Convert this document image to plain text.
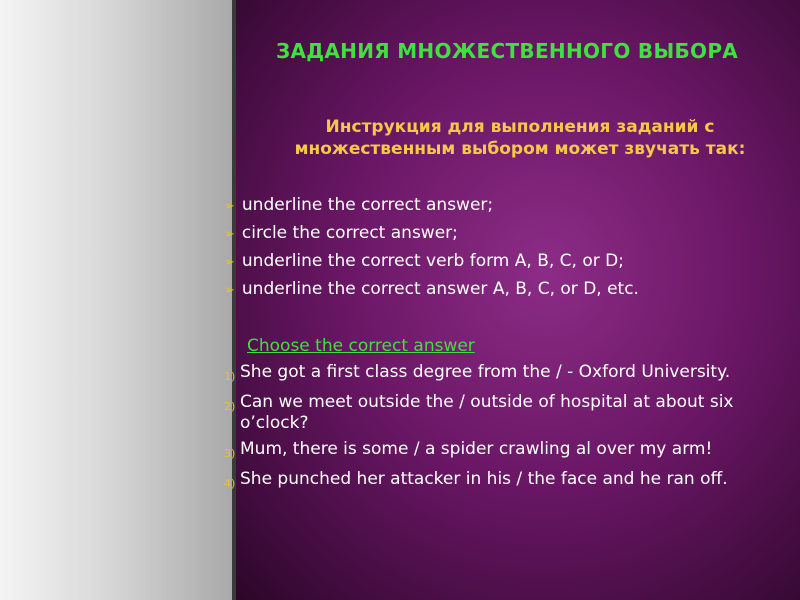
ЗАДАНИЯ МНОЖЕСТВЕННОГО ВЫБОРА
Инструкция для выполнения заданий с множественным выбором может звучать так:
➢ underline the correct answer;
➢ circle the correct answer;
➢ underline the correct verb form A, B, C, or D;
➢ underline the correct answer A, B, C, or D, etc.
Choose the correct answer
1) She got a first class degree from the / - Oxford University.
2) Can we meet outside the / outside of hospital at about six o’clock?
3) Mum, there is some / a spider crawling al over my arm!
4) She punched her attacker in his / the face and he ran off.
